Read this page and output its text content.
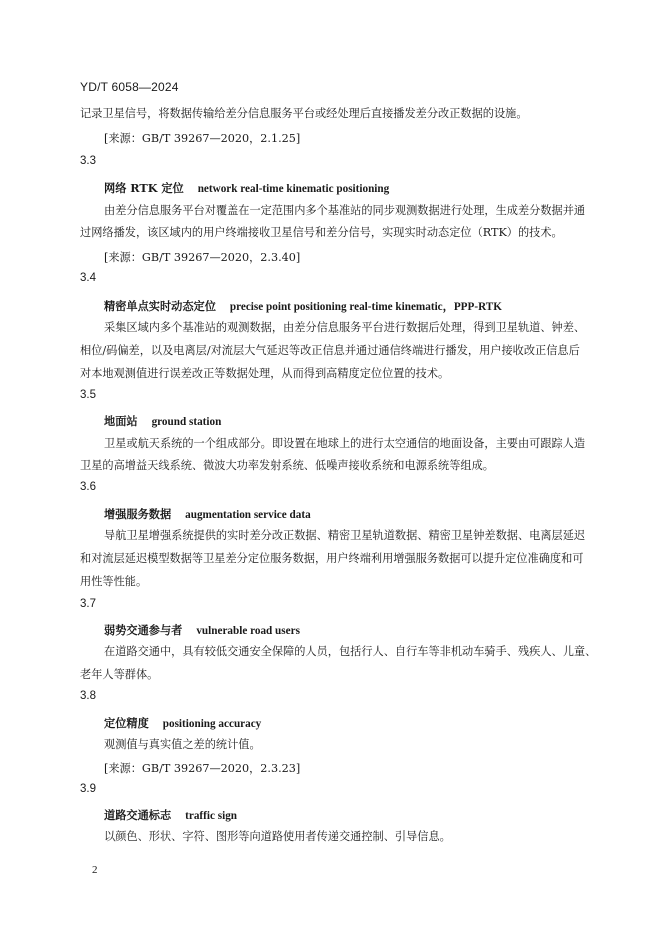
YD/T 6058—2024
记录卫星信号，将数据传输给差分信息服务平台或经处理后直接播发差分改正数据的设施。
[来源：GB/T 39267—2020，2.1.25]
3.3
网络 RTK 定位 network real-time kinematic positioning
由差分信息服务平台对覆盖在一定范围内多个基准站的同步观测数据进行处理，生成差分数据并通
过网络播发，该区域内的用户终端接收卫星信号和差分信号，实现实时动态定位（RTK）的技术。
[来源：GB/T 39267—2020，2.3.40]
3.4
精密单点实时动态定位 precise point positioning real-time kinematic，PPP-RTK
采集区域内多个基准站的观测数据，由差分信息服务平台进行数据后处理，得到卫星轨道、钟差、
相位/码偏差，以及电离层/对流层大气延迟等改正信息并通过通信终端进行播发，用户接收改正信息后
对本地观测值进行误差改正等数据处理，从而得到高精度定位位置的技术。
3.5
地面站 ground station
卫星或航天系统的一个组成部分。即设置在地球上的进行太空通信的地面设备，主要由可跟踪人造
卫星的高增益天线系统、微波大功率发射系统、低噪声接收系统和电源系统等组成。
3.6
增强服务数据 augmentation service data
导航卫星增强系统提供的实时差分改正数据、精密卫星轨道数据、精密卫星钟差数据、电离层延迟
和对流层延迟模型数据等卫星差分定位服务数据，用户终端利用增强服务数据可以提升定位准确度和可
用性等性能。
3.7
弱势交通参与者 vulnerable road users
在道路交通中，具有较低交通安全保障的人员，包括行人、自行车等非机动车骑手、残疾人、儿童、
老年人等群体。
3.8
定位精度 positioning accuracy
观测值与真实值之差的统计值。
[来源：GB/T 39267—2020，2.3.23]
3.9
道路交通标志 traffic sign
以颜色、形状、字符、图形等向道路使用者传递交通控制、引导信息。
2
